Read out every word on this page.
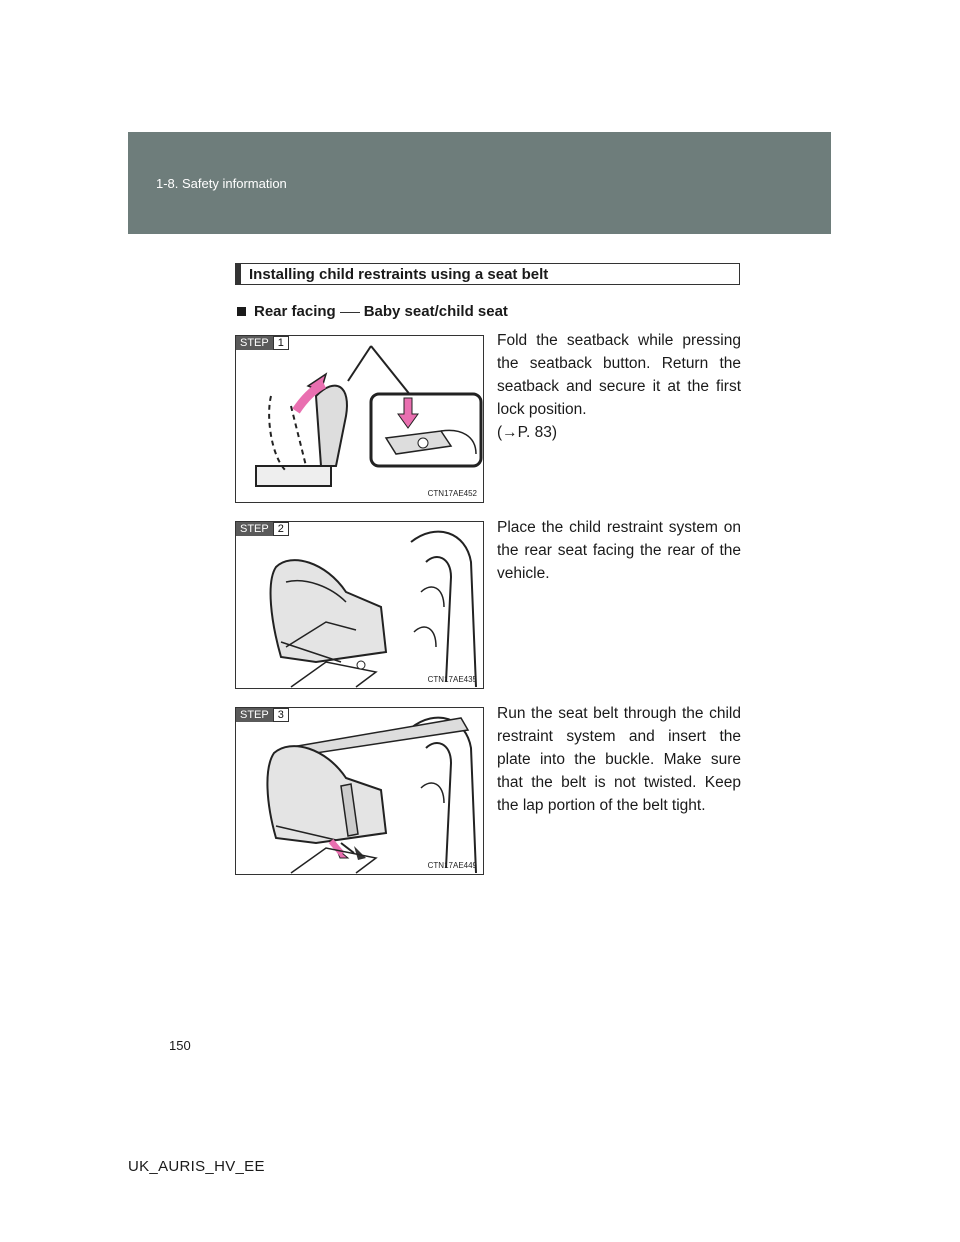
1-8. Safety information
Installing child restraints using a seat belt
Rear facing Baby seat/child seat
STEP 1
CTN17AE452
Fold the seatback while pressing the seatback button. Return the seatback and secure it at the first lock position.
(→P. 83)
STEP 2
CTN17AE435
Place the child restraint system on the rear seat facing the rear of the vehicle.
STEP 3
CTN17AE449
Run the seat belt through the child restraint system and insert the plate into the buckle. Make sure that the belt is not twisted. Keep the lap portion of the belt tight.
150
UK_AURIS_HV_EE
